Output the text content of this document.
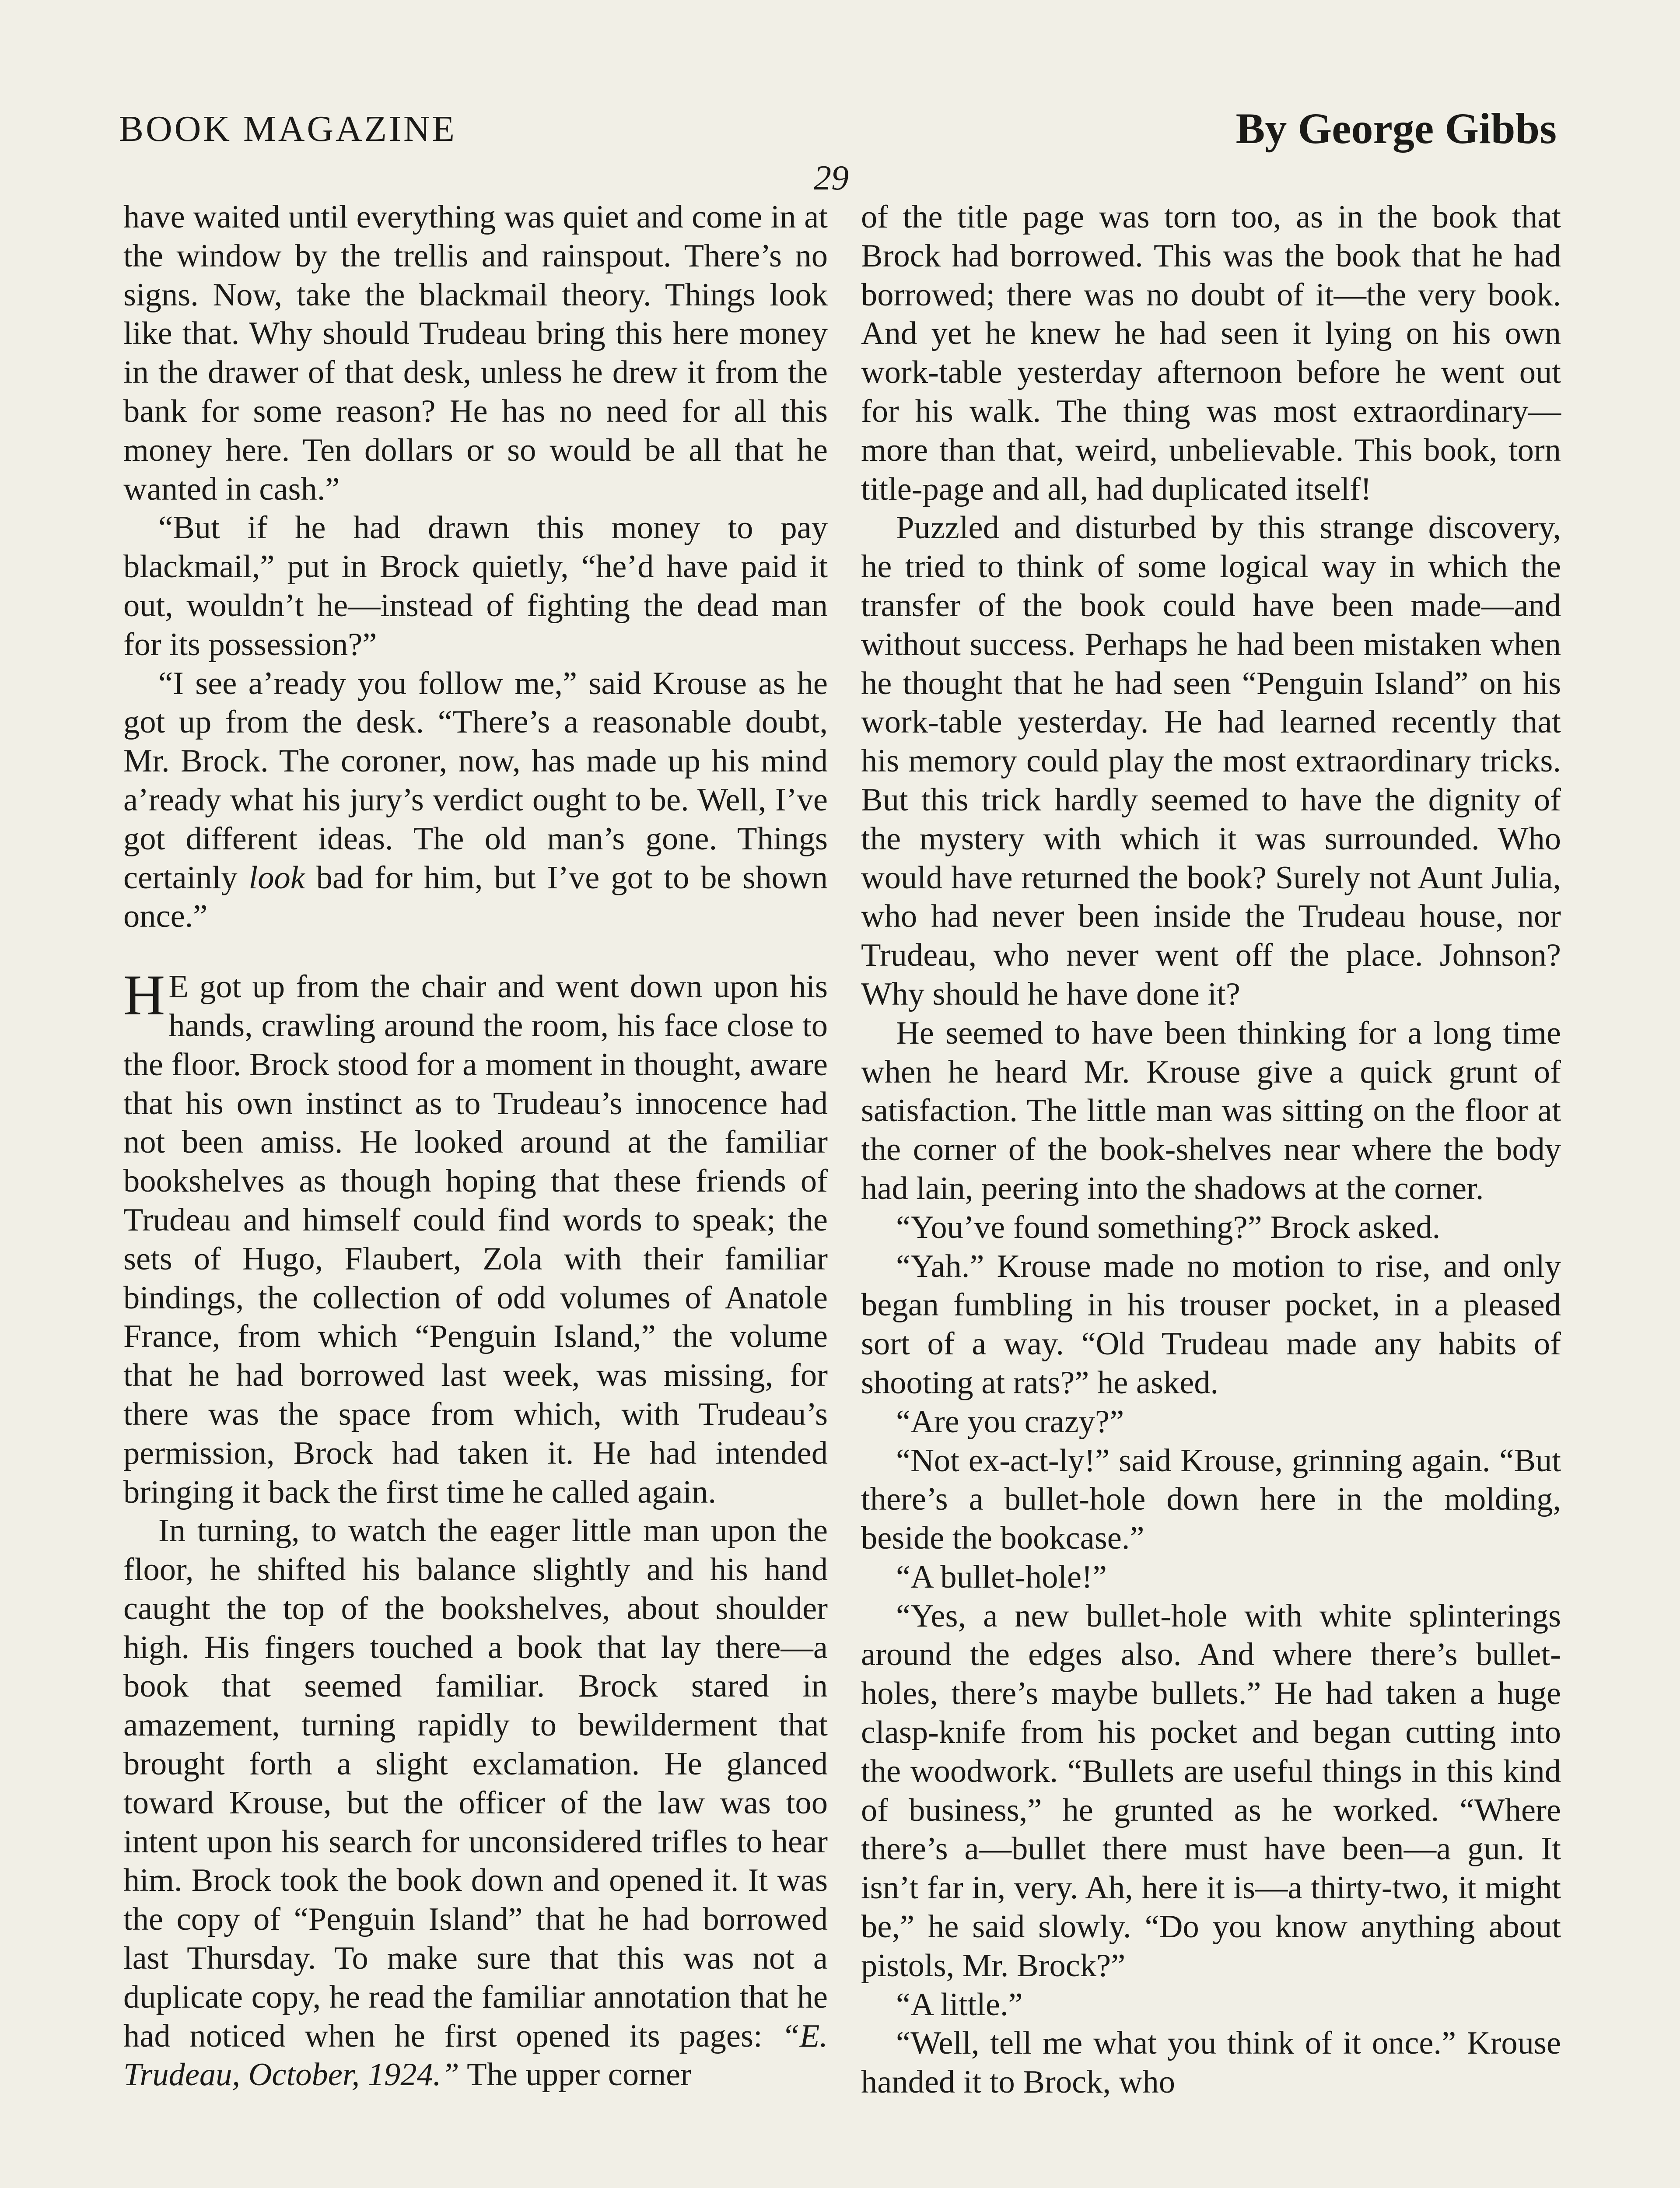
BOOK MAGAZINE	By George Gibbs
29

have waited until everything was quiet and come in at the window by the trellis and rainspout. There’s no signs. Now, take the blackmail theory. Things look like that. Why should Trudeau bring this here money in the drawer of that desk, unless he drew it from the bank for some reason? He has no need for all this money here. Ten dollars or so would be all that he wanted in cash.”

“But if he had drawn this money to pay blackmail,” put in Brock quietly, “he’d have paid it out, wouldn’t he—instead of fighting the dead man for its possession?”

“I see a’ready you follow me,” said Krouse as he got up from the desk. “There’s a reasonable doubt, Mr. Brock. The coroner, now, has made up his mind a’ready what his jury’s verdict ought to be. Well, I’ve got different ideas. The old man’s gone. Things certainly look bad for him, but I’ve got to be shown once.”

H E got up from the chair and went down upon his hands, crawling around the room, his face close to the floor. Brock stood for a moment in thought, aware that his own instinct as to Trudeau’s innocence had not been amiss. He looked around at the familiar bookshelves as though hoping that these friends of Trudeau and himself could find words to speak; the sets of Hugo, Flaubert, Zola with their familiar bindings, the collection of odd volumes of Anatole France, from which “Penguin Island,” the volume that he had borrowed last week, was missing, for there was the space from which, with Trudeau’s permission, Brock had taken it. He had intended bringing it back the first time he called again.

In turning, to watch the eager little man upon the floor, he shifted his balance slightly and his hand caught the top of the bookshelves, about shoulder high. His fingers touched a book that lay there—a book that seemed familiar. Brock stared in amazement, turning rapidly to bewilderment that brought forth a slight exclamation. He glanced toward Krouse, but the officer of the law was too intent upon his search for unconsidered trifles to hear him. Brock took the book down and opened it. It was the copy of “Penguin Island” that he had borrowed last Thursday. To make sure that this was not a duplicate copy, he read the familiar annotation that he had noticed when he first opened its pages: “E. Trudeau, October, 1924.” The upper corner

of the title page was torn too, as in the book that Brock had borrowed. This was the book that he had borrowed; there was no doubt of it—the very book. And yet he knew he had seen it lying on his own work-table yesterday afternoon before he went out for his walk. The thing was most extraordinary—more than that, weird, unbelievable. This book, torn title-page and all, had duplicated itself!

Puzzled and disturbed by this strange discovery, he tried to think of some logical way in which the transfer of the book could have been made—and without success. Perhaps he had been mistaken when he thought that he had seen “Penguin Island” on his work-table yesterday. He had learned recently that his memory could play the most extraordinary tricks. But this trick hardly seemed to have the dignity of the mystery with which it was surrounded. Who would have returned the book? Surely not Aunt Julia, who had never been inside the Trudeau house, nor Trudeau, who never went off the place. Johnson? Why should he have done it?

He seemed to have been thinking for a long time when he heard Mr. Krouse give a quick grunt of satisfaction. The little man was sitting on the floor at the corner of the book-shelves near where the body had lain, peering into the shadows at the corner.

“You’ve found something?” Brock asked.

“Yah.” Krouse made no motion to rise, and only began fumbling in his trouser pocket, in a pleased sort of a way. “Old Trudeau made any habits of shooting at rats?” he asked.

“Are you crazy?”

“Not ex-act-ly!” said Krouse, grinning again. “But there’s a bullet-hole down here in the molding, beside the bookcase.”

“A bullet-hole!”

“Yes, a new bullet-hole with white splinterings around the edges also. And where there’s bullet-holes, there’s maybe bullets.” He had taken a huge clasp-knife from his pocket and began cutting into the woodwork. “Bullets are useful things in this kind of business,” he grunted as he worked. “Where there’s a—bullet there must have been—a gun. It isn’t far in, very. Ah, here it is—a thirty-two, it might be,” he said slowly. “Do you know anything about pistols, Mr. Brock?”

“A little.”

“Well, tell me what you think of it once.” Krouse handed it to Brock, who
